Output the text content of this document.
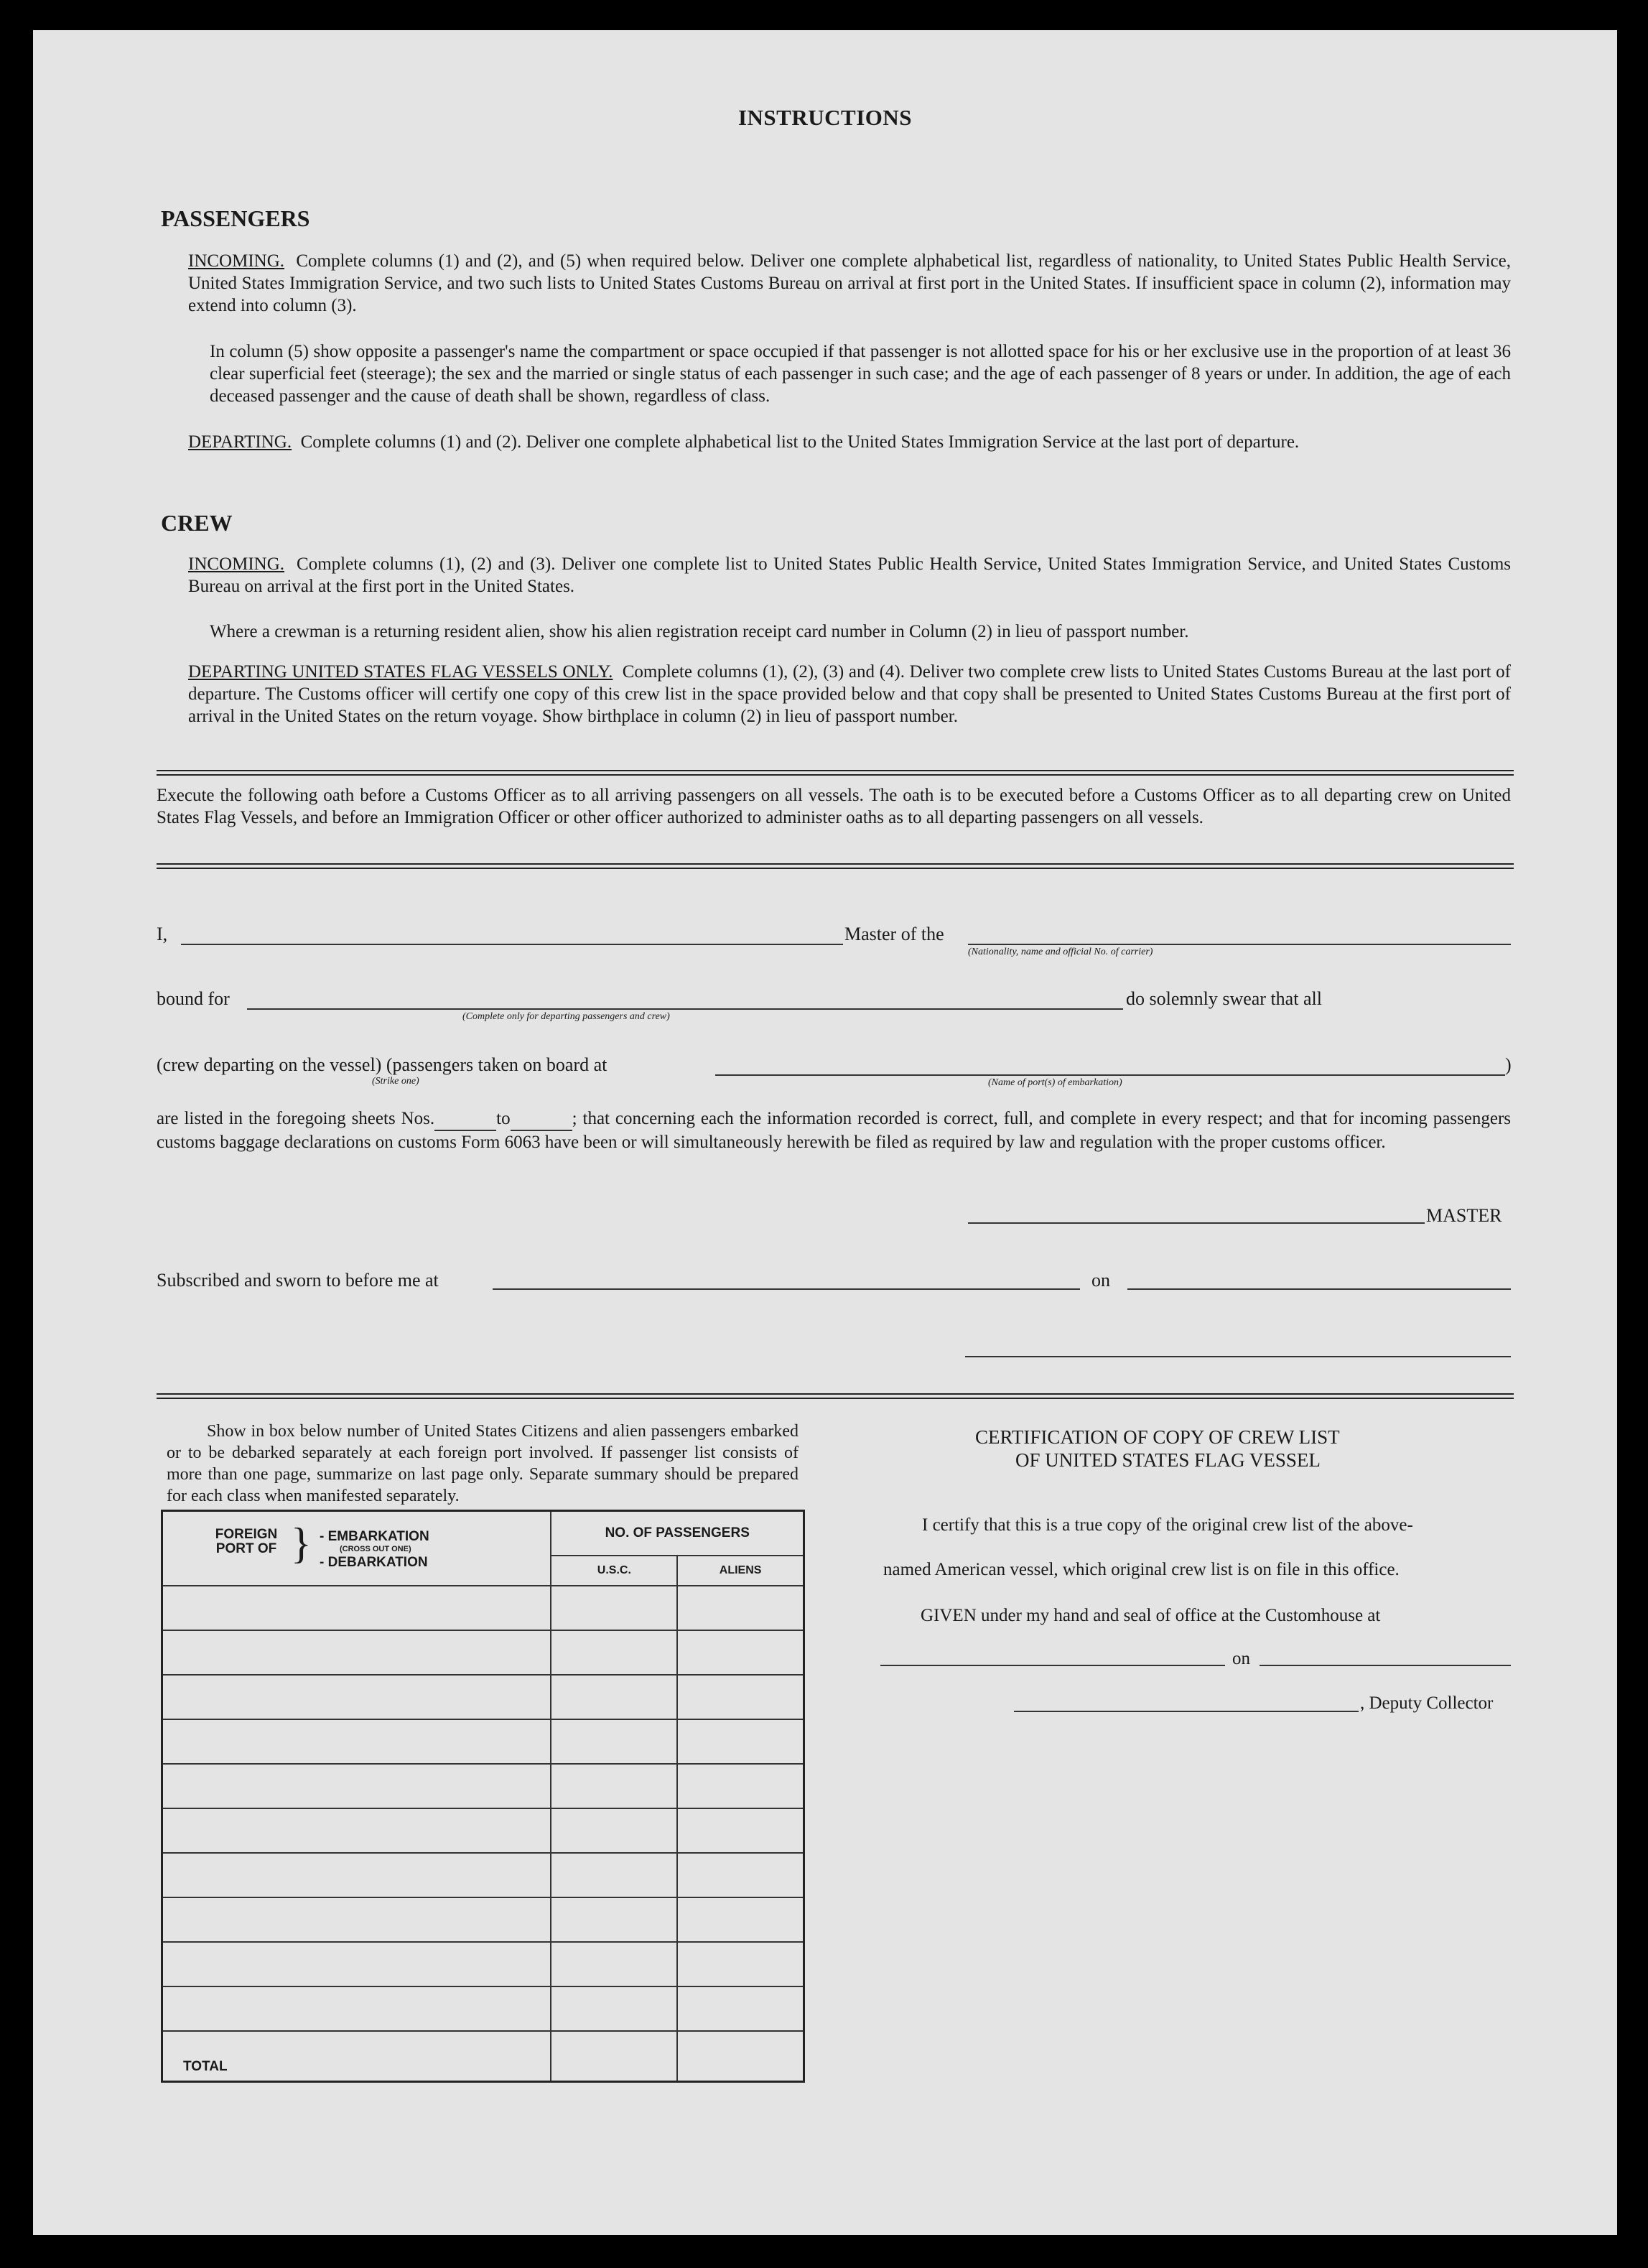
INSTRUCTIONS
PASSENGERS
INCOMING. Complete columns (1) and (2), and (5) when required below. Deliver one complete alphabetical list, regardless of nationality, to United States Public Health Service, United States Immigration Service, and two such lists to United States Customs Bureau on arrival at first port in the United States. If insufficient space in column (2), information may extend into column (3).
In column (5) show opposite a passenger's name the compartment or space occupied if that passenger is not allotted space for his or her exclusive use in the proportion of at least 36 clear superficial feet (steerage); the sex and the married or single status of each passenger in such case; and the age of each passenger of 8 years or under. In addition, the age of each deceased passenger and the cause of death shall be shown, regardless of class.
DEPARTING. Complete columns (1) and (2). Deliver one complete alphabetical list to the United States Immigration Service at the last port of departure.
CREW
INCOMING. Complete columns (1), (2) and (3). Deliver one complete list to United States Public Health Service, United States Immigration Service, and United States Customs Bureau on arrival at the first port in the United States.
Where a crewman is a returning resident alien, show his alien registration receipt card number in Column (2) in lieu of passport number.
DEPARTING UNITED STATES FLAG VESSELS ONLY. Complete columns (1), (2), (3) and (4). Deliver two complete crew lists to United States Customs Bureau at the last port of departure. The Customs officer will certify one copy of this crew list in the space provided below and that copy shall be presented to United States Customs Bureau at the first port of arrival in the United States on the return voyage. Show birthplace in column (2) in lieu of passport number.
Execute the following oath before a Customs Officer as to all arriving passengers on all vessels. The oath is to be executed before a Customs Officer as to all departing crew on United States Flag Vessels, and before an Immigration Officer or other officer authorized to administer oaths as to all departing passengers on all vessels.
I,	Master of the
(Nationality, name and official No. of carrier)
bound for
(Complete only for departing passengers and crew)
do solemnly swear that all
(crew departing on the vessel) (passengers taken on board at
(Strike one)
)
(Name of port(s) of embarkation)
are listed in the foregoing sheets Nos.	to	; that concerning each the information recorded is correct, full, and complete in every respect; and that for incoming passengers customs baggage declarations on customs Form 6063 have been or will simultaneously herewith be filed as required by law and regulation with the proper customs officer.
MASTER
Subscribed and sworn to before me at	on
Show in box below number of United States Citizens and alien passengers embarked or to be debarked separately at each foreign port involved. If passenger list consists of more than one page, summarize on last page only. Separate summary should be prepared for each class when manifested separately.
FOREIGN PORT OF } - EMBARKATION
(CROSS OUT ONE)
- DEBARKATION	NO. OF PASSENGERS	
	U.S.C.	ALIENS

TOTAL		
CERTIFICATION OF COPY OF CREW LIST
OF UNITED STATES FLAG VESSEL
I certify that this is a true copy of the original crew list of the above-
named American vessel, which original crew list is on file in this office.
GIVEN under my hand and seal of office at the Customhouse at
on
, Deputy Collector
